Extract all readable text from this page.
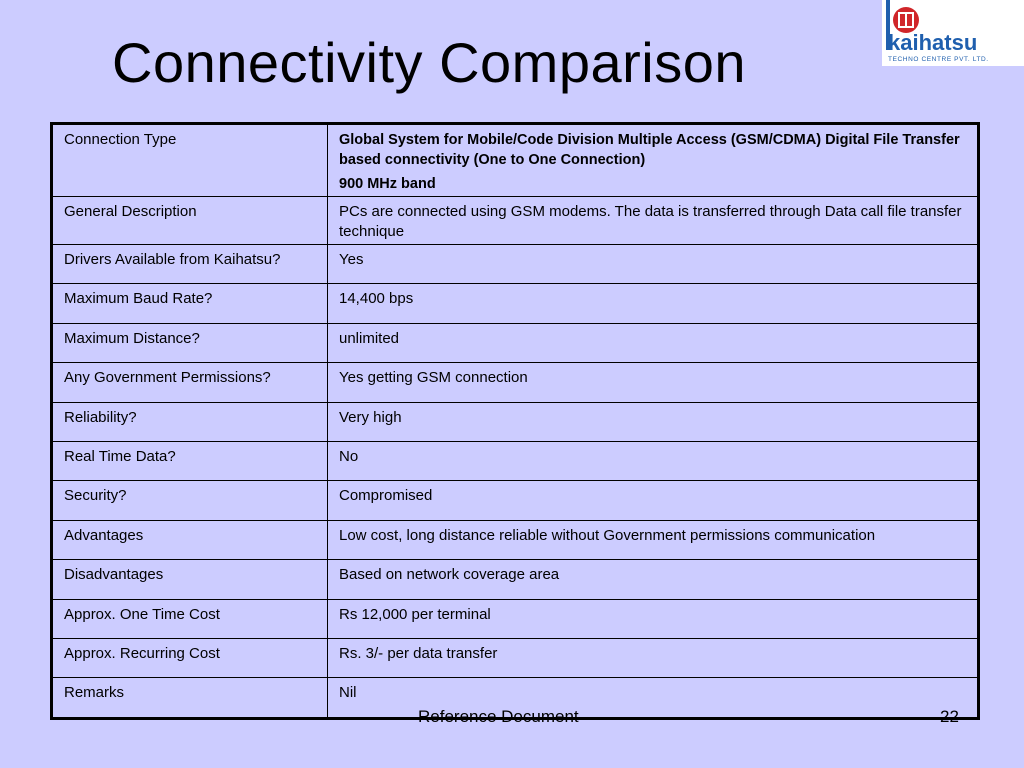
Connectivity Comparison	kaihatsu
TECHNO CENTRE PVT. LTD.
Connection Type	Global System for Mobile/Code Division Multiple Access (GSM/CDMA) Digital File Transfer based connectivity (One to One Connection)
900 MHz band

General Description	PCs are connected using GSM modems. The data is transferred through Data call file transfer technique
Drivers Available from Kaihatsu?	Yes
Maximum Baud Rate?	14,400 bps
Maximum Distance?	unlimited
Any Government Permissions?	Yes getting GSM connection
Reliability?	Very high
Real Time Data?	No
Security?	Compromised
Advantages	Low cost, long distance reliable without Government permissions communication
Disadvantages	Based on network coverage area
Approx. One Time Cost	Rs 12,000 per terminal
Approx. Recurring Cost	Rs. 3/- per data transfer
Remarks	Nil
Reference Document	22
